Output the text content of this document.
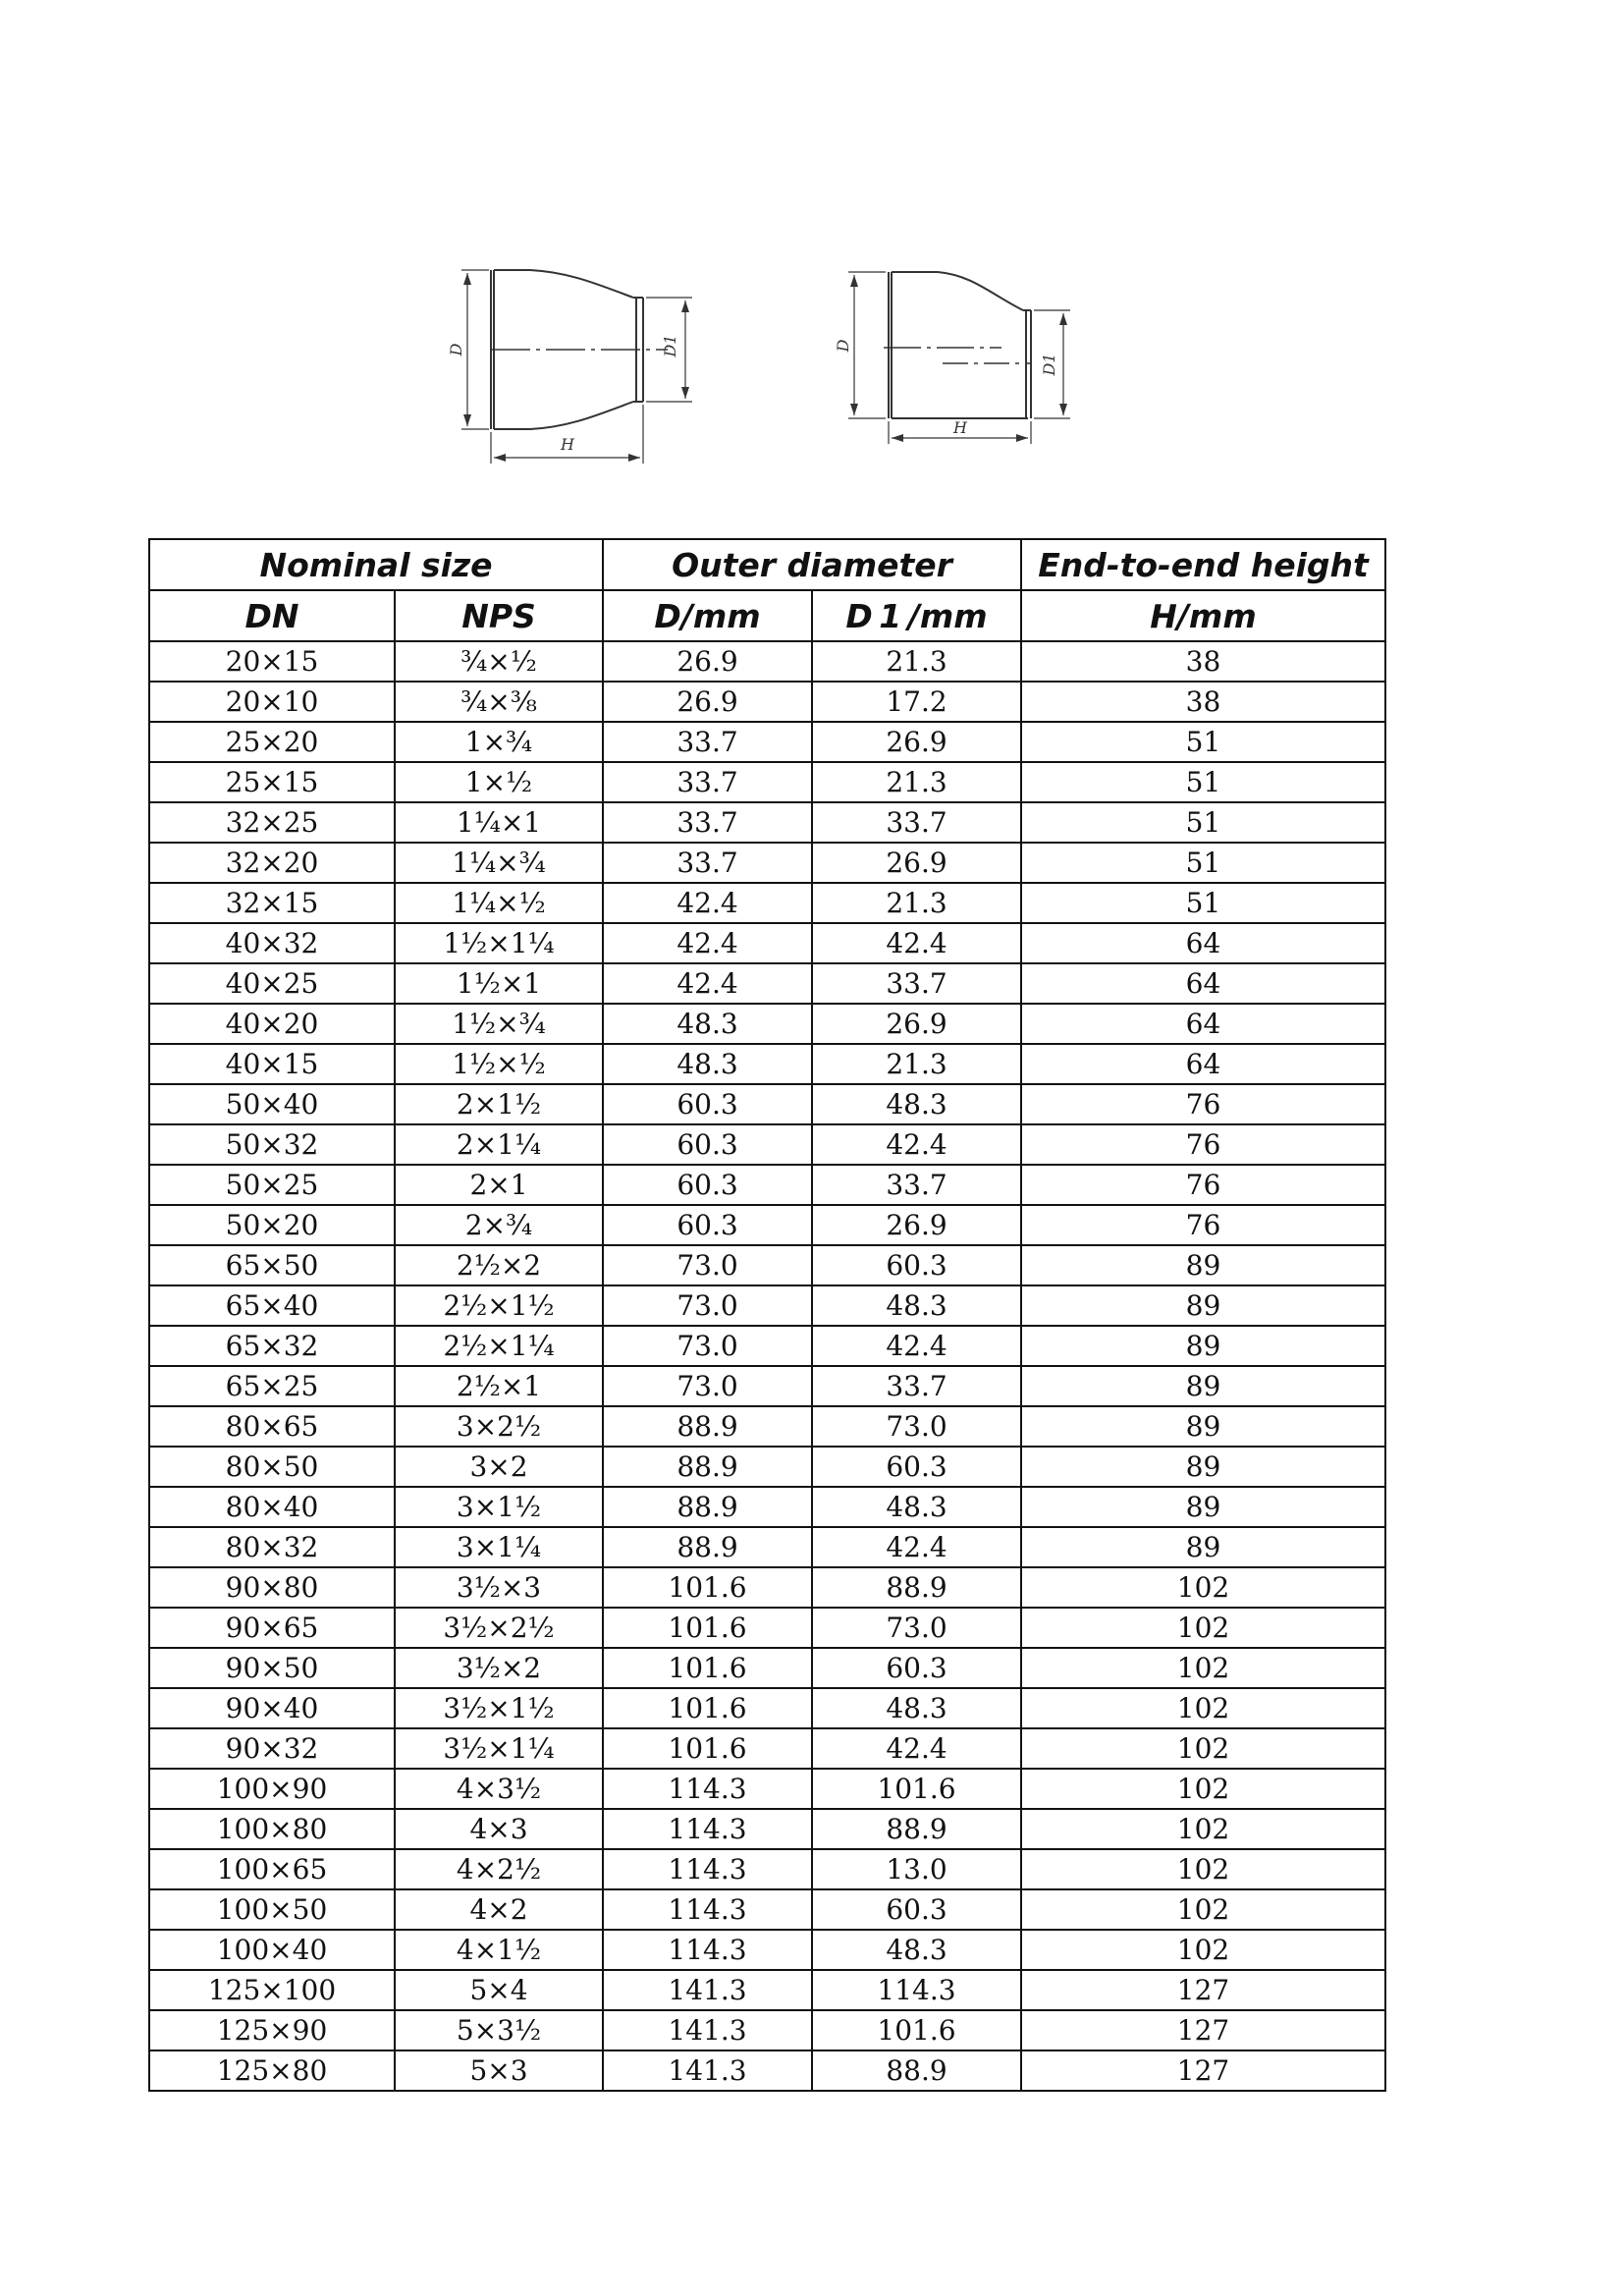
D	D1
H
D
D1
H
Nominal size		Outer diameter		End-to-end height
DN	NPS	D/mm	D 1 /mm	H/mm
20×15	¾×½	26.9	21.3	38
20×10	¾×⅜	26.9	17.2	38
25×20	1×¾	33.7	26.9	51
25×15	1×½	33.7	21.3	51
32×25	1¼×1	33.7	33.7	51
32×20	1¼×¾	33.7	26.9	51
32×15	1¼×½	42.4	21.3	51
40×32	1½×1¼	42.4	42.4	64
40×25	1½×1	42.4	33.7	64
40×20	1½×¾	48.3	26.9	64
40×15	1½×½	48.3	21.3	64
50×40	2×1½	60.3	48.3	76
50×32	2×1¼	60.3	42.4	76
50×25	2×1	60.3	33.7	76
50×20	2×¾	60.3	26.9	76
65×50	2½×2	73.0	60.3	89
65×40	2½×1½	73.0	48.3	89
65×32	2½×1¼	73.0	42.4	89
65×25	2½×1	73.0	33.7	89
80×65	3×2½	88.9	73.0	89
80×50	3×2	88.9	60.3	89
80×40	3×1½	88.9	48.3	89
80×32	3×1¼	88.9	42.4	89
90×80	3½×3	101.6	88.9	102
90×65	3½×2½	101.6	73.0	102
90×50	3½×2	101.6	60.3	102
90×40	3½×1½	101.6	48.3	102
90×32	3½×1¼	101.6	42.4	102
100×90	4×3½	114.3	101.6	102
100×80	4×3	114.3	88.9	102
100×65	4×2½	114.3	13.0	102
100×50	4×2	114.3	60.3	102
100×40	4×1½	114.3	48.3	102
125×100	5×4	141.3	114.3	127
125×90	5×3½	141.3	101.6	127
125×80	5×3	141.3	88.9	127
